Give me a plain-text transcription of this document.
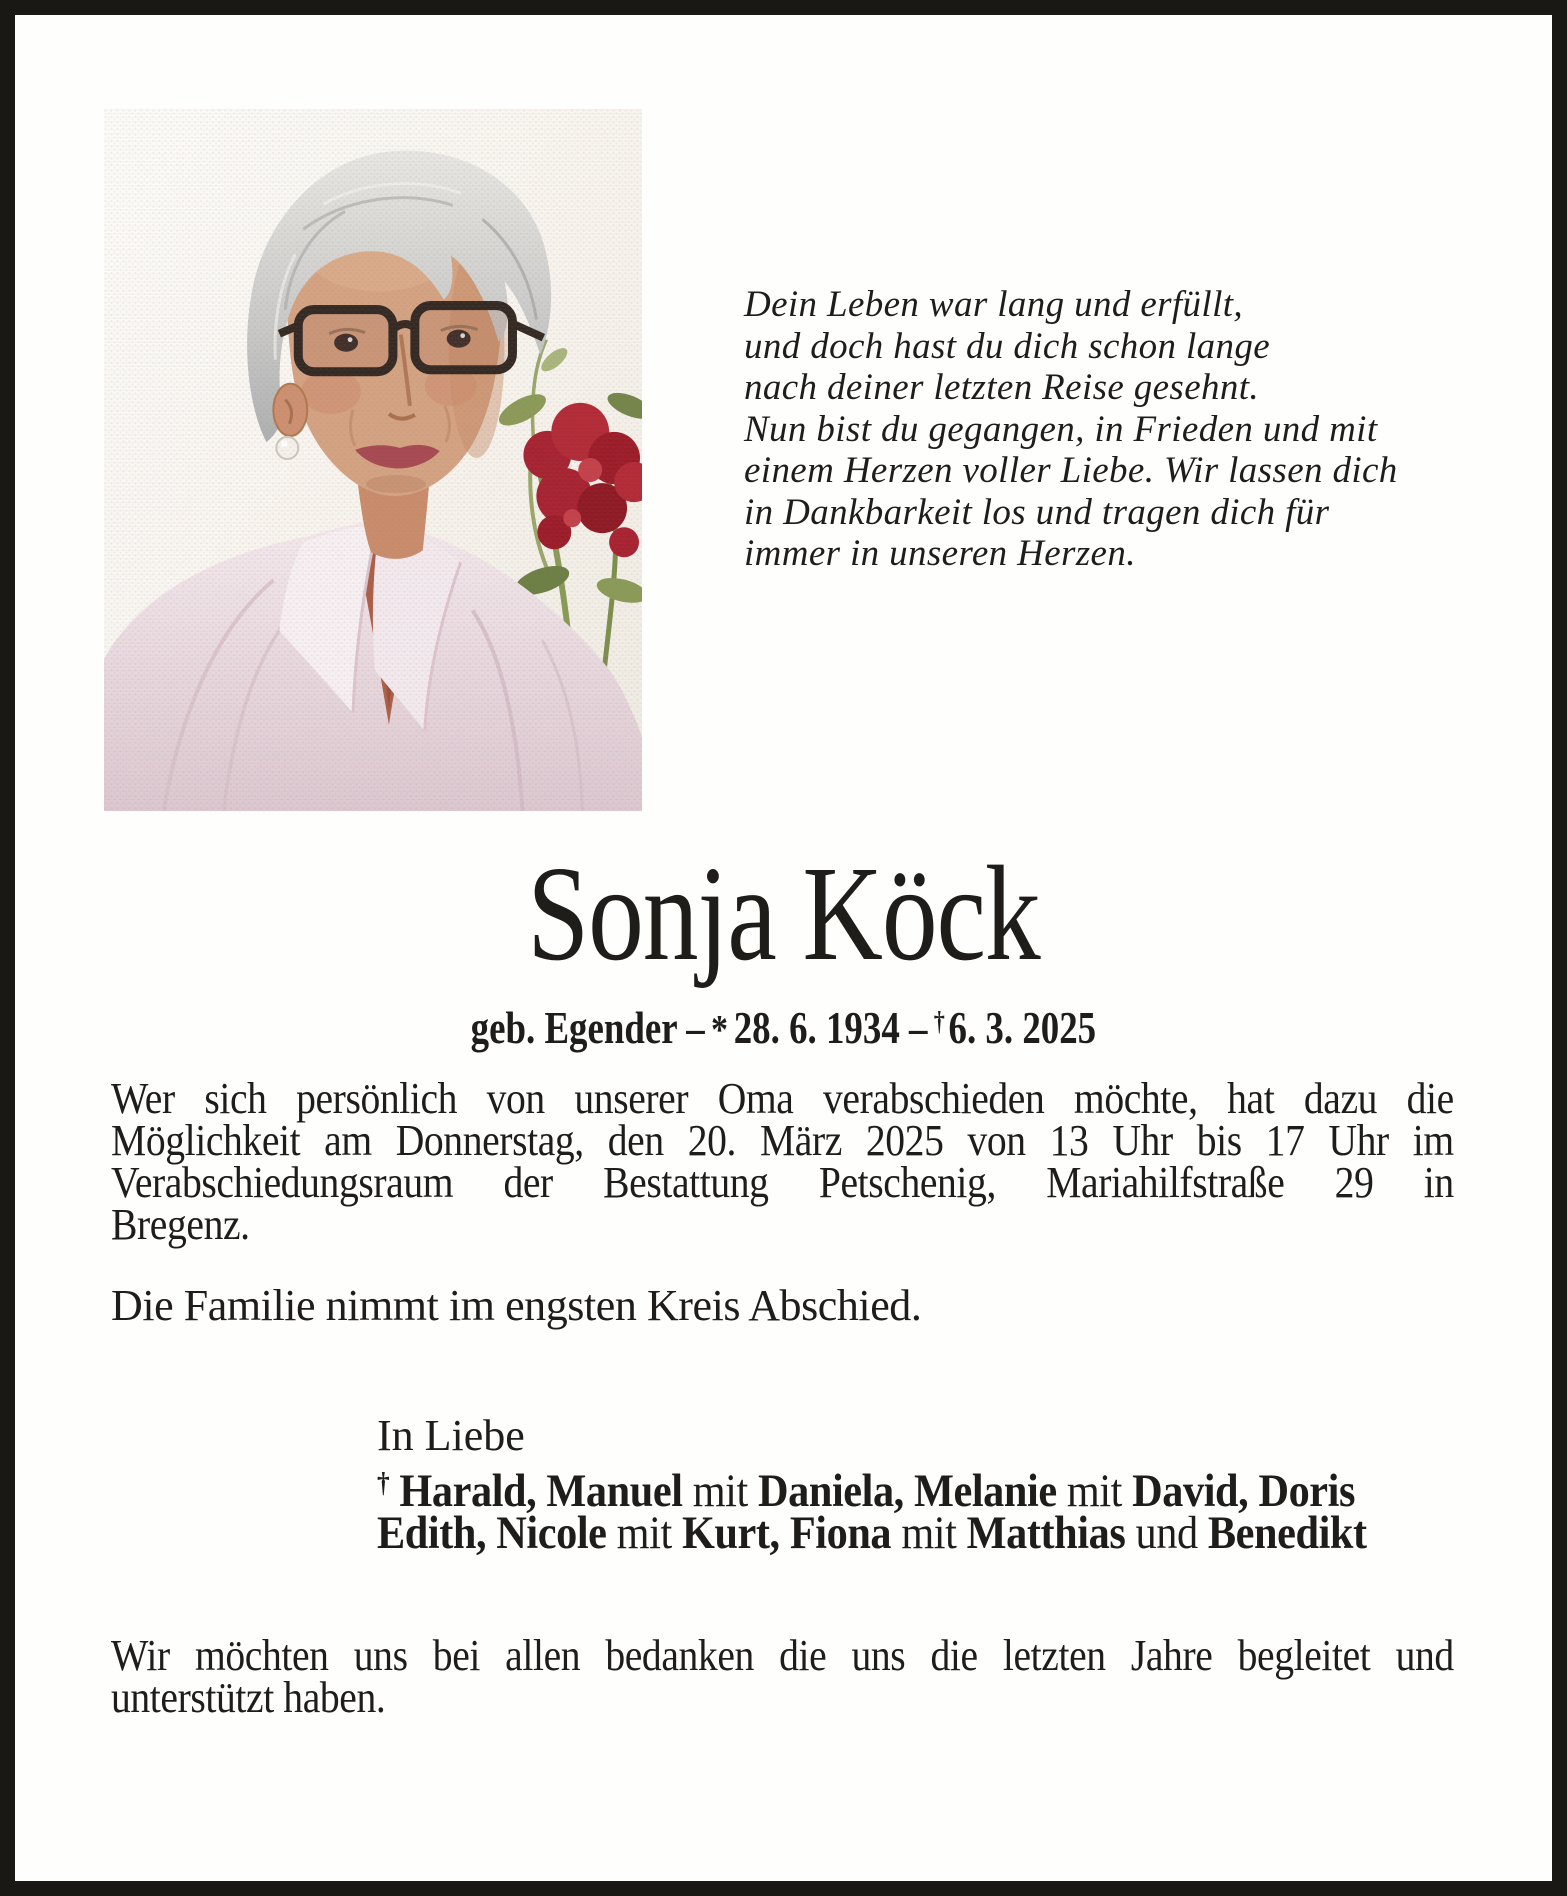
Dein Leben war lang und erfüllt,
und doch hast du dich schon lange
nach deiner letzten Reise gesehnt.
Nun bist du gegangen, in Frieden und mit
einem Herzen voller Liebe. Wir lassen dich
in Dankbarkeit los und tragen dich für
immer in unseren Herzen.
Sonja Köck
geb. Egender – * 28. 6. 1934 – †6. 3. 2025
Wer sich persönlich von unserer Oma verabschieden möchte, hat dazu die
Möglichkeit am Donnerstag, den 20. März 2025 von 13 Uhr bis 17 Uhr im
Verabschiedungsraum der Bestattung Petschenig, Mariahilfstraße 29 in
Bregenz.

Die Familie nimmt im engsten Kreis Abschied.

In Liebe
† Harald, Manuel mit Daniela, Melanie mit David, Doris
Edith, Nicole mit Kurt, Fiona mit Matthias und Benedikt
Wir möchten uns bei allen bedanken die uns die letzten Jahre begleitet und
unterstützt haben.
